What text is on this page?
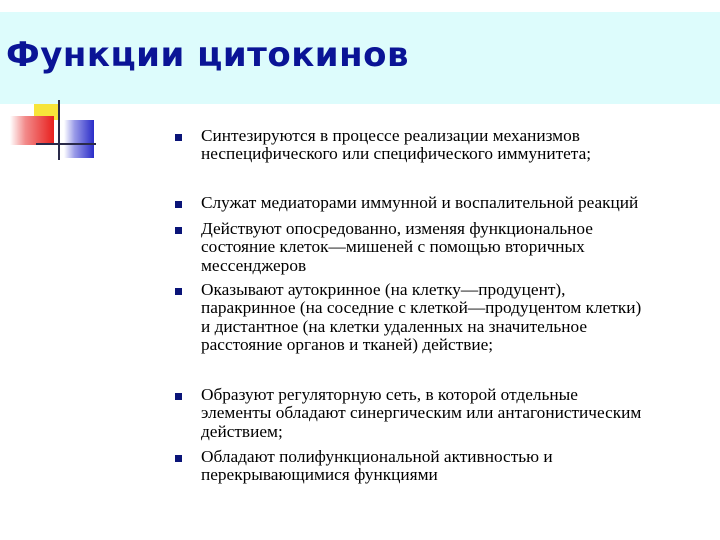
Функции цитокинов
Синтезируются в процессе реализации механизмов
неспецифического или специфического иммунитета;
Служат медиаторами иммунной и воспалительной реакций
Действуют опосредованно, изменяя функциональное
состояние клеток—мишеней с помощью вторичных
мессенджеров
Оказывают аутокринное (на клетку—продуцент),
паракринное (на соседние с клеткой—продуцентом клетки)
и дистантное (на клетки удаленных на значительное
расстояние органов и тканей) действие;
Образуют регуляторную сеть, в которой отдельные
элементы обладают синергическим или антагонистическим
действием;
Обладают полифункциональной активностью и
перекрывающимися функциями
